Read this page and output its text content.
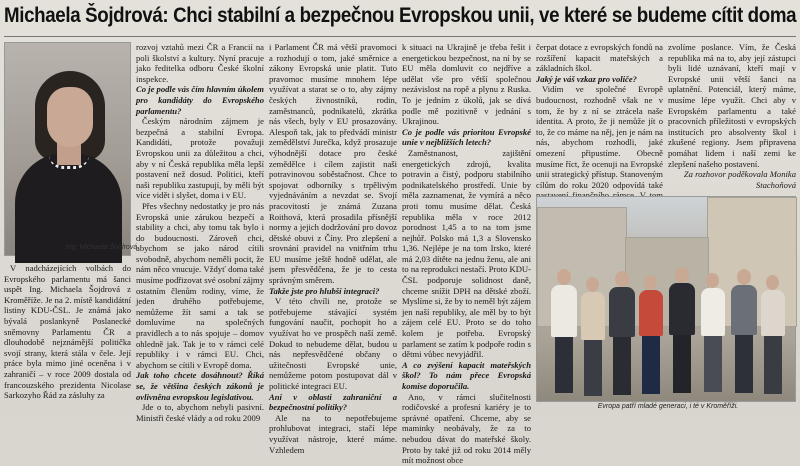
Michaela Šojdrová: Chci stabilní a bezpečnou Evropskou unii, ve které se budeme cítit doma
Ing. Michaela Šojdrová

V nadcházejících volbách do Evropského parlamentu má šanci uspět Ing. Michaela Šojdrová z Kroměříže. Je na 2. místě kandidátní listiny KDU-ČSL. Je známá jako bývalá poslankyně Poslanecké sněmovny Parlamentu ČR a dlouhodobě nejznámější politička svojí strany, která stála v čele. Její práce byla mimo jiné oceněna i v zahraničí – v roce 2009 dostala od francouzského prezidenta Nicolase Sarkozyho Řád za zásluhy za

rozvoj vztahů mezi ČR a Francií na poli školství a kultury. Nyní pracuje jako ředitelka odboru České školní inspekce.

Co je podle vás čím hlavním úkolem pro kandidáty do Evropského parlamentu?

Českým národním zájmem je bezpečná a stabilní Evropa. Kandidáti, protože považuji Evropskou unii za důležitou a chci, aby v ní Česká republika měla lepší postavení než dosud. Politici, kteří naši republiku zastupují, by měli být více vidět i slyšet, doma i v EU.

Přes všechny nedostatky je pro nás Evropská unie zárukou bezpečí a stability a chci, aby tomu tak bylo i do budoucnosti. Zároveň chci, abychom se jako národ cítili svobodně, abychom neměli pocit, že nám něco vnucuje. Vždyť doma také musíme podřizovat své osobní zájmy ostatním členům rodiny, víme, že jeden druhého potřebujeme, nemůžeme žít sami a tak se domluvíme na společných pravidlech a to nás spojuje – domov ohledně jak. Tak je to v rámci celé republiky i v rámci EU. Chci, abychom se cítili v Evropě doma.

Jak toho chcete dosáhnout? Říká se, že většina českých zákonů je ovlivněna evropskou legislativou.

Jde o to, abychom nebyli pasivní. Ministři české vlády a od roku 2009

i Parlament ČR má větší pravomoci a rozhodují o tom, jaké směrnice a zákony Evropská unie platit. Tuto pravomoc musíme mnohem lépe využívat a starat se o to, aby zájmy českých živnostníků, rodin, zaměstnanců, podnikatelů, zkrátka nás všech, byly v EU prosazovány. Alespoň tak, jak to předvádí ministr zemědělství Jurečka, když prosazuje výhodnější dotace pro české zemědělce i cílem zajistit naši potravinovou soběstačnost. Chce to spojovat odborníky s trpělivým vyjednáváním a nevzdat se. Svojí pracovitostí je známá Zuzana Roithová, která prosadila přísnější normy a jejich dodržování pro dovoz dětské obuvi z Číny. Pro zlepšení a srovnání pravidel na vnitřním trhu EU musíme ještě hodně udělat, ale jsem přesvědčena, že je to cesta správným směrem.

Takže jste pro hlubší integraci?

V této chvíli ne, protože se potřebujeme stávající systém fungování naučit, pochopit ho a využívat ho ve prospěch naší země. Dokud to nebudeme dělat, budou u nás nepřesvědčené občany o užitečnosti Evropské unie, nemůžeme potom postupovat dál v politické integraci EU.

Ani v oblasti zahraniční a bezpečnostní politiky?

Ale na to nepotřebujeme prohlubovat integraci, stačí lépe využívat nástroje, které máme. Vzhledem

k situaci na Ukrajině je třeba řešit i energetickou bezpečnost, na ní by se EU měla domluvit co nejdříve a udělat vše pro větší společnou nezávislost na ropě a plynu z Ruska. To je jedním z úkolů, jak se dívá podle mě pozitivně v jednání s Ukrajinou.

Co je podle vás prioritou Evropské unie v nejbližších letech?

Zaměstnanost, zajištění energetických zdrojů, kvalita potravin a čistý, podporu stabilního podnikatelského prostředí. Unie by měla zaznamenat, že vymírá a něco proti tomu musíme dělat. Česká republika měla v roce 2012 porodnost 1,45 a to na tom jsme nejhůř. Polsko má 1,3 a Slovensko 1,36. Nejlépe je na tom Irsko, které má 2,03 dítěte na jednu ženu, ale ani to na reprodukci nestačí. Proto KDU-ČSL podporuje solidnost daně, chceme snížit DPH na dětské zboží. Myslíme si, že by to neměl být zájem jen naší republiky, ale měl by to být zájem celé EU. Proto se do toho kolem je potřeba. Evropský parlament se zatím k podpoře rodin s dětmi vůbec nevyjádřil.

A co zvýšení kapacit mateřských škol? To nám přece Evropská komise doporučila.

Ano, v rámci slučitelnosti rodičovské a profesní kariéry je to správné opatření. Chceme, aby se maminky neobávaly, že za to nebudou dávat do mateřské školy. Proto by také již od roku 2014 měly mít možnost obce

čerpat dotace z evropských fondů na rozšíření kapacit mateřských a základních škol.

Jaký je váš vzkaz pro voliče?

Vidím ve společné Evropě budoucnost, rozhodně však ne v tom, že by z ní se ztrácela naše identita. A proto, že ji nemůže jít o to, že co máme na něj, jen je nám na nás, abychom rozhodli, jaké omezení připustíme. Obecně musíme říct, že ocenuji na Evropské unii strategický přístup. Stanoveným cílům do roku 2020 odpovídá také

zvolíme poslance. Vím, že Česká republika má na to, aby její zástupci byli lidé uznávaní, kteří mají v Evropské unii větší šanci na uplatnění. Potenciál, který máme, musíme lépe využít. Chci aby v Evropském parlamentu a také pracovních příležitosti v evropských institucích pro absolventy škol i zkušené regiony. Jsem připravena pomáhat lidem i naší zemi ke zlepšení našeho postavení.

Za rozhovor poděkovala Monika Stachoňová

Evropa patří mladé generaci, i té v Kroměříži.
